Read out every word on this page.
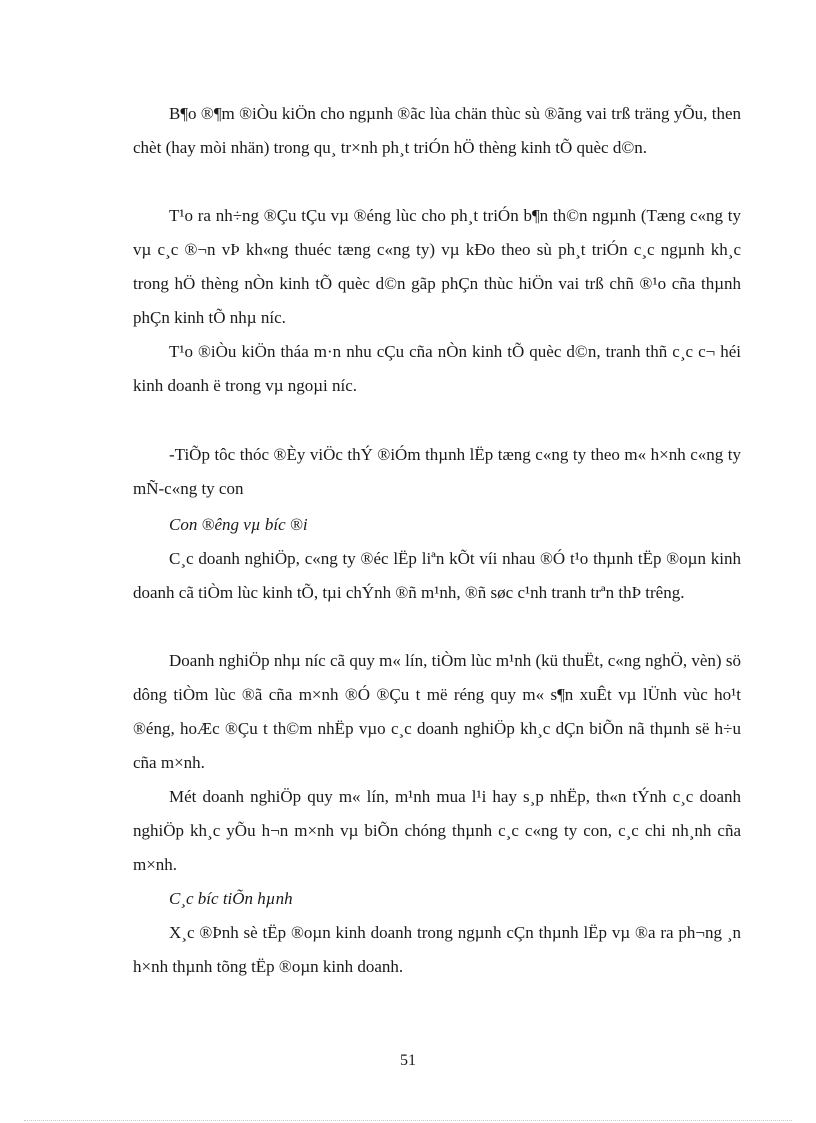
B¶o ®¶m ®iÒu kiÖn cho ngµnh ®ãc lùa chän thùc sù ®ãng vai trß träng yÕu, then chèt (hay mòi nhän) trong qu¸ tr×nh ph¸t triÓn hÖ thèng kinh tÕ quèc d©n.

T¹o ra nh÷ng ®Çu tÇu vµ ®éng lùc cho ph¸t triÓn b¶n th©n ngµnh (Tæng c«ng ty vµ c¸c ®¬n vÞ kh«ng thuéc tæng c«ng ty) vµ kÐo theo sù ph¸t triÓn c¸c ngµnh kh¸c trong hÖ thèng nÒn kinh tÕ quèc d©n gãp phÇn thùc hiÖn vai trß chñ ®¹o cña thµnh phÇn kinh tÕ nhµ níc.

T¹o ®iÒu kiÖn tháa m·n nhu cÇu cña nÒn kinh tÕ quèc d©n, tranh thñ c¸c c¬ héi kinh doanh ë trong vµ ngoµi níc.

-TiÕp tôc thóc ®Èy viÖc thÝ ®iÓm thµnh lËp tæng c«ng ty theo m« h×nh c«ng ty mÑ-c«ng ty con

Con ®êng vµ bíc ®i

C¸c doanh nghiÖp, c«ng ty ®éc lËp liªn kÕt víi nhau ®Ó t¹o thµnh tËp ®oµn kinh doanh cã tiÒm lùc kinh tÕ, tµi chÝnh ®ñ m¹nh, ®ñ søc c¹nh tranh trªn thÞ trêng.

Doanh nghiÖp nhµ níc cã quy m« lín, tiÒm lùc m¹nh (kü thuËt, c«ng nghÖ, vèn) sö dông tiÒm lùc ®ã cña m×nh ®Ó ®Çu t më réng quy m« s¶n xuÊt vµ lÜnh vùc ho¹t ®éng, hoÆc ®Çu t th©m nhËp vµo c¸c doanh nghiÖp kh¸c dÇn biÕn nã thµnh së h÷u cña m×nh.

Mét doanh nghiÖp quy m« lín, m¹nh mua l¹i hay s¸p nhËp, th«n tÝnh c¸c doanh nghiÖp kh¸c yÕu h¬n m×nh vµ biÕn chóng thµnh c¸c c«ng ty con, c¸c chi nh¸nh cña m×nh.

C¸c bíc tiÕn hµnh

X¸c ®Þnh sè tËp ®oµn kinh doanh trong ngµnh cÇn thµnh lËp vµ ®a ra ph¬ng ¸n h×nh thµnh tõng tËp ®oµn kinh doanh.

51
